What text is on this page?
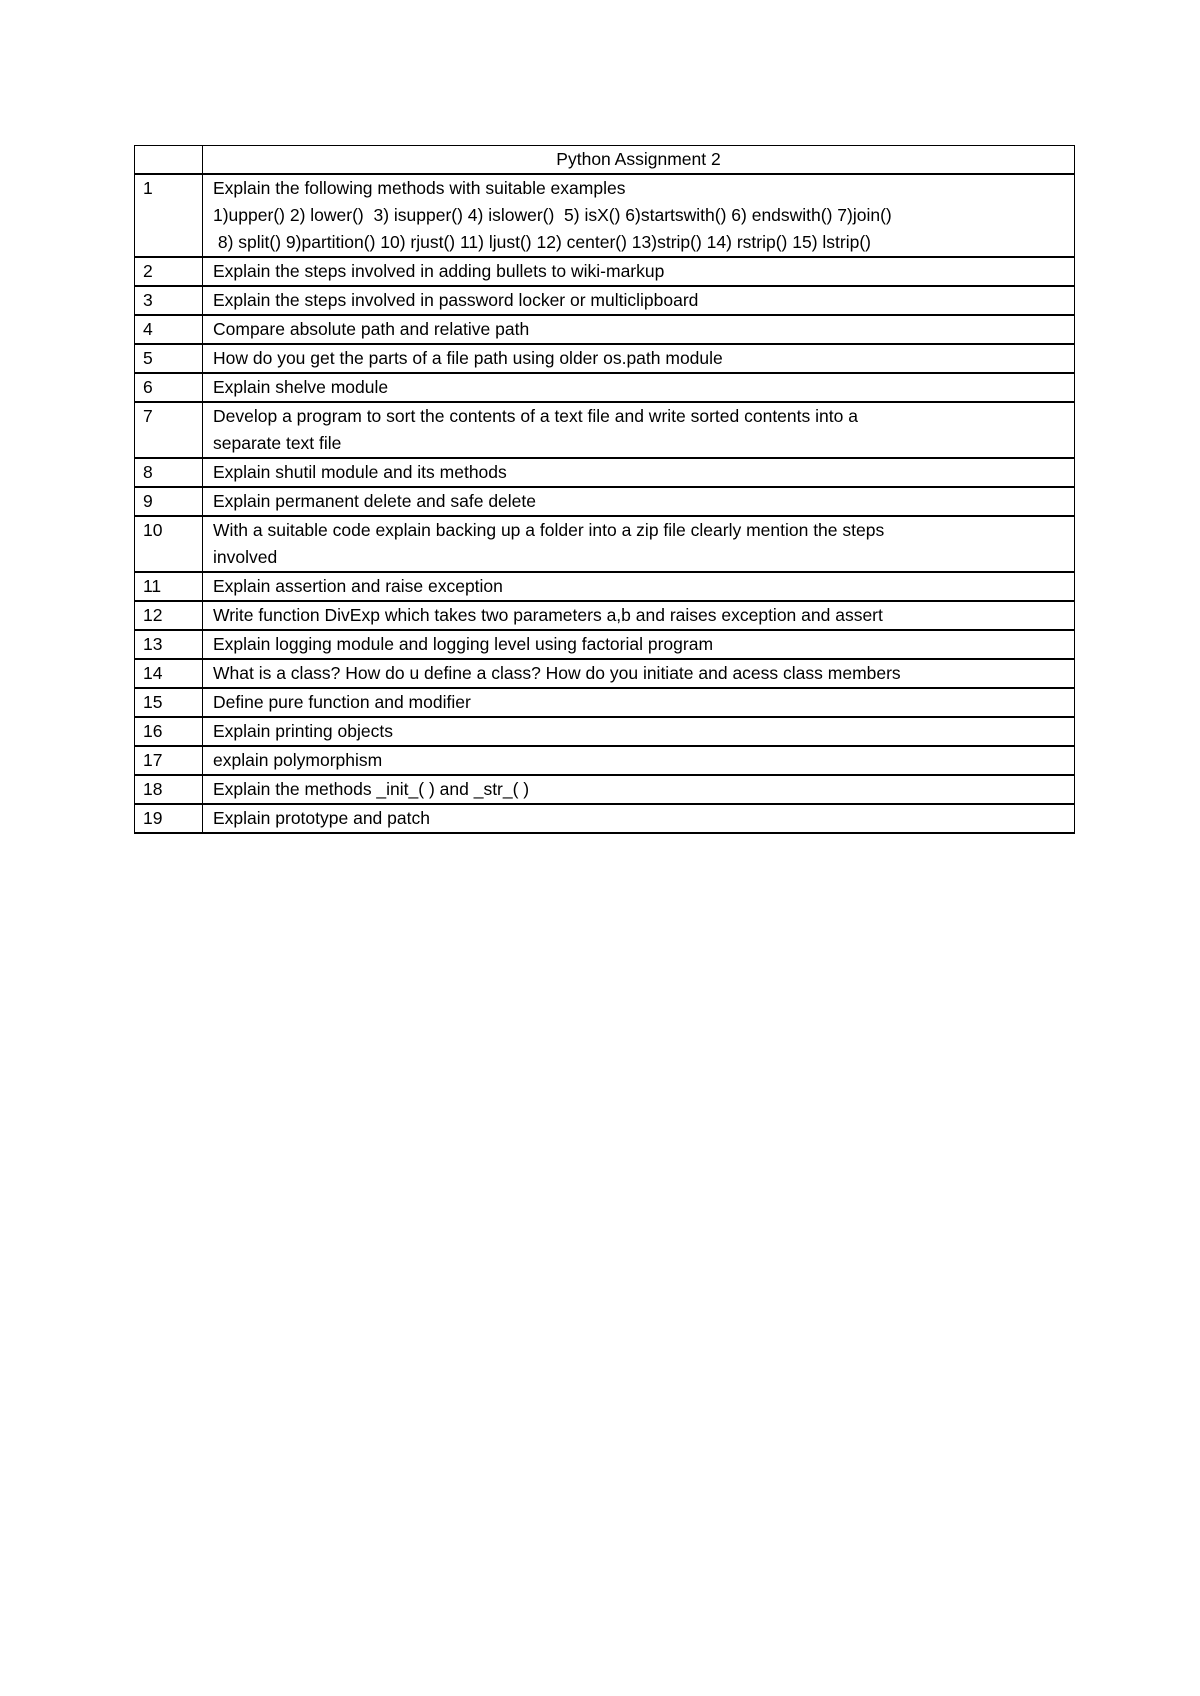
	Python Assignment 2
1	Explain the following methods with suitable examples
1)upper() 2) lower()  3) isupper() 4) islower()  5) isX() 6)startswith() 6) endswith() 7)join()
8) split() 9)partition() 10) rjust() 11) ljust() 12) center() 13)strip() 14) rstrip() 15) lstrip()

2	Explain the steps involved in adding bullets to wiki-markup

3	Explain the steps involved in password locker or multiclipboard

4	Compare absolute path and relative path

5	How do you get the parts of a file path using older os.path module

6	Explain shelve module

7	Develop a program to sort the contents of a text file and write sorted contents into a
separate text file

8	Explain shutil module and its methods

9	Explain permanent delete and safe delete

10	With a suitable code explain backing up a folder into a zip file clearly mention the steps
involved

11	Explain assertion and raise exception

12	Write function DivExp which takes two parameters a,b and raises exception and assert

13	Explain logging module and logging level using factorial program

14	What is a class? How do u define a class? How do you initiate and acess class members

15	Define pure function and modifier

16	Explain printing objects

17	explain polymorphism

18	Explain the methods _init_( ) and _str_( )

19	Explain prototype and patch
